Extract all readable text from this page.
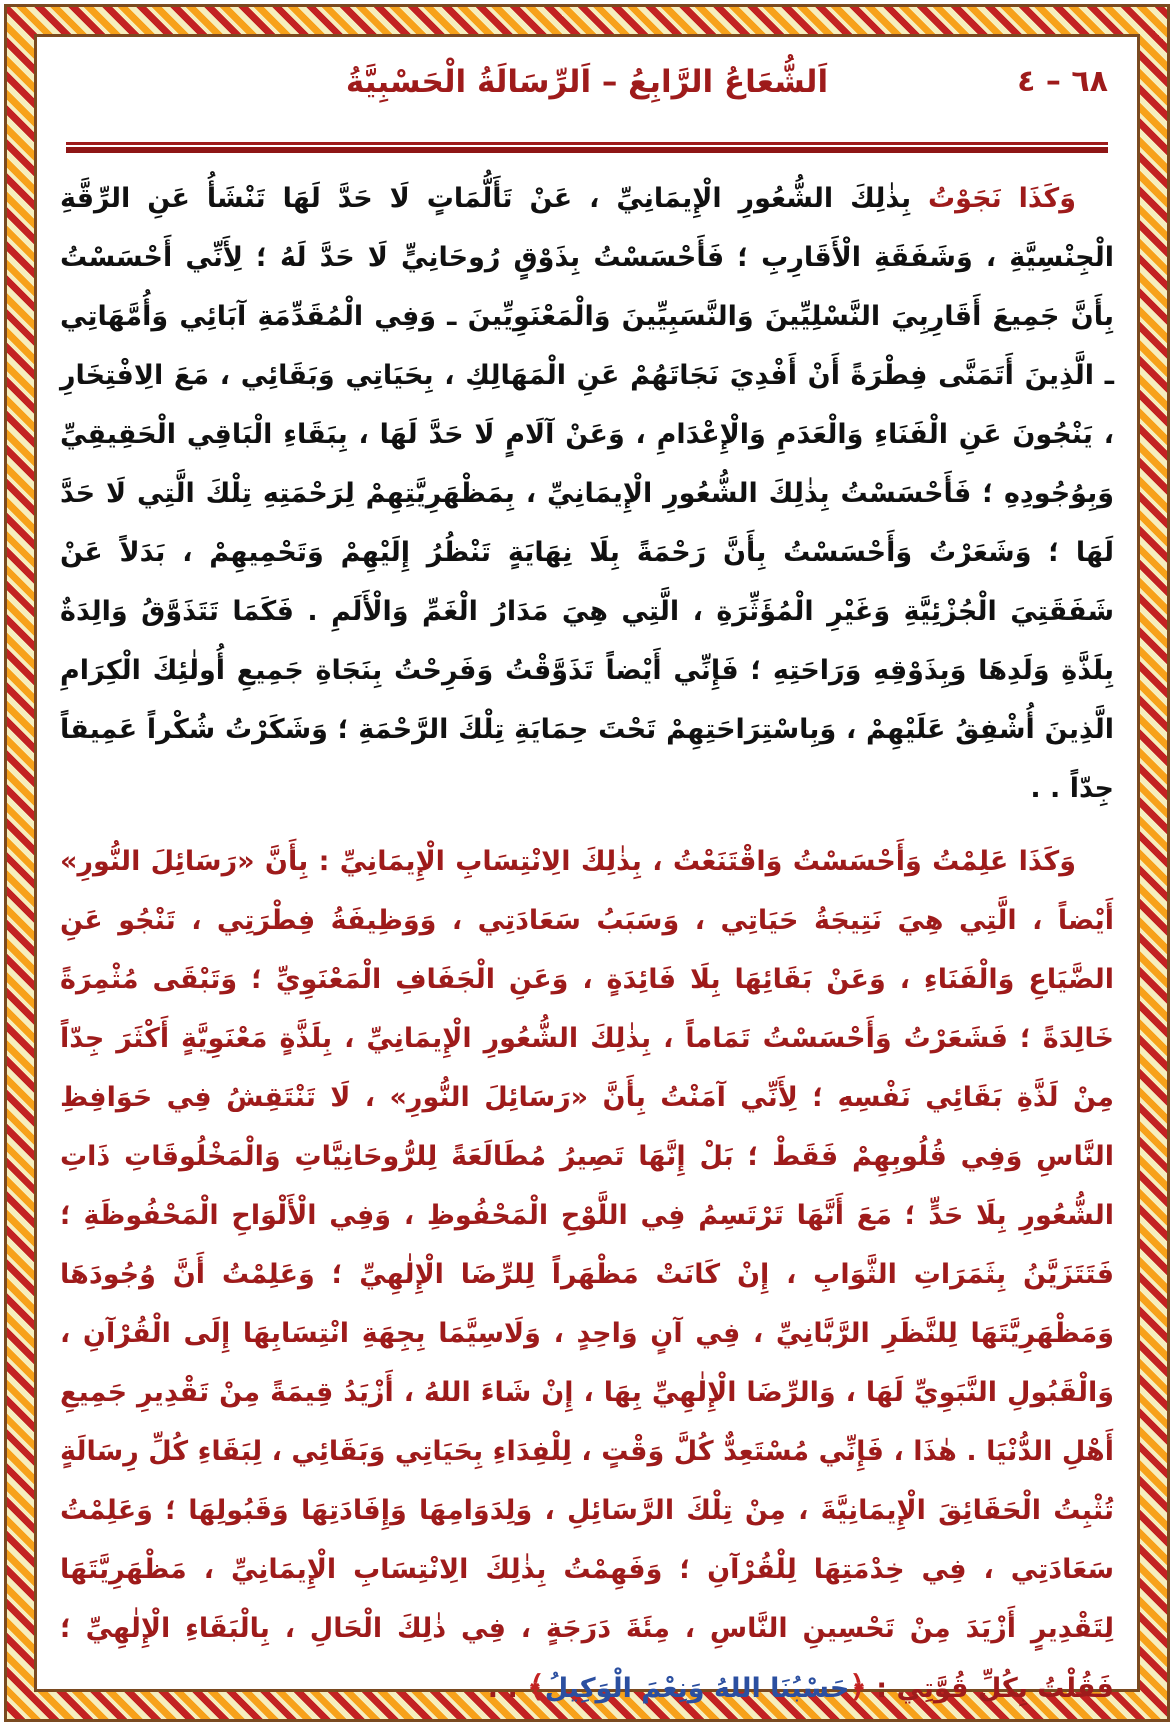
اَلشُّعَاعُ الرَّابِعُ – اَلرِّسَالَةُ الْحَسْبِيَّةُ	٦٨ – ٤

وَكَذَا نَجَوْتُ بِذٰلِكَ الشُّعُورِ الْإِيمَانِيِّ ، عَنْ تَأَلُّمَاتٍ لَا حَدَّ لَهَا تَنْشَأُ عَنِ الرِّقَّةِ الْجِنْسِيَّةِ ، وَشَفَقَةِ الْأَقَارِبِ ؛ فَأَحْسَسْتُ بِذَوْقٍ رُوحَانِيٍّ لَا حَدَّ لَهُ ؛ لِأَنِّي أَحْسَسْتُ بِأَنَّ جَمِيعَ أَقَارِبِيَ النَّسْلِيِّينَ وَالنَّسَبِيِّينَ وَالْمَعْنَوِيِّينَ ـ وَفِي الْمُقَدِّمَةِ آبَائِي وَأُمَّهَاتِي ـ الَّذِينَ أَتَمَنَّى فِطْرَةً أَنْ أَفْدِيَ نَجَاتَهُمْ عَنِ الْمَهَالِكِ ، بِحَيَاتِي وَبَقَائِي ، مَعَ الِافْتِخَارِ ، يَنْجُونَ عَنِ الْفَنَاءِ وَالْعَدَمِ وَالْإِعْدَامِ ، وَعَنْ آلَامٍ لَا حَدَّ لَهَا ، بِبَقَاءِ الْبَاقِي الْحَقِيقِيِّ وَبِوُجُودِهِ ؛ فَأَحْسَسْتُ بِذٰلِكَ الشُّعُورِ الْإِيمَانِيِّ ، بِمَظْهَرِيَّتِهِمْ لِرَحْمَتِهِ تِلْكَ الَّتِي لَا حَدَّ لَهَا ؛ وَشَعَرْتُ وَأَحْسَسْتُ بِأَنَّ رَحْمَةً بِلَا نِهَايَةٍ تَنْظُرُ إِلَيْهِمْ وَتَحْمِيهِمْ ، بَدَلاً عَنْ شَفَقَتِيَ الْجُزْئِيَّةِ وَغَيْرِ الْمُؤَثِّرَةِ ، الَّتِي هِيَ مَدَارُ الْغَمِّ وَالْأَلَمِ . فَكَمَا تَتَذَوَّقُ وَالِدَةٌ بِلَذَّةِ وَلَدِهَا وَبِذَوْقِهِ وَرَاحَتِهِ ؛ فَإِنِّي أَيْضاً تَذَوَّقْتُ وَفَرِحْتُ بِنَجَاةِ جَمِيعِ أُولٰئِكَ الْكِرَامِ الَّذِينَ أُشْفِقُ عَلَيْهِمْ ، وَبِاسْتِرَاحَتِهِمْ تَحْتَ حِمَايَةِ تِلْكَ الرَّحْمَةِ ؛ وَشَكَرْتُ شُكْراً عَمِيقاً جِدّاً . .

وَكَذَا عَلِمْتُ وَأَحْسَسْتُ وَاقْتَنَعْتُ ، بِذٰلِكَ الِانْتِسَابِ الْإِيمَانِيِّ : بِأَنَّ «رَسَائِلَ النُّورِ» أَيْضاً ، الَّتِي هِيَ نَتِيجَةُ حَيَاتِي ، وَسَبَبُ سَعَادَتِي ، وَوَظِيفَةُ فِطْرَتِي ، تَنْجُو عَنِ الضَّيَاعِ وَالْفَنَاءِ ، وَعَنْ بَقَائِهَا بِلَا فَائِدَةٍ ، وَعَنِ الْجَفَافِ الْمَعْنَوِيِّ ؛ وَتَبْقَى مُثْمِرَةً خَالِدَةً ؛ فَشَعَرْتُ وَأَحْسَسْتُ تَمَاماً ، بِذٰلِكَ الشُّعُورِ الْإِيمَانِيِّ ، بِلَذَّةٍ مَعْنَوِيَّةٍ أَكْثَرَ جِدّاً مِنْ لَذَّةِ بَقَائِي نَفْسِهِ ؛ لِأَنِّي آمَنْتُ بِأَنَّ «رَسَائِلَ النُّورِ» ، لَا تَنْتَقِشُ فِي حَوَافِظِ النَّاسِ وَفِي قُلُوبِهِمْ فَقَطْ ؛ بَلْ إِنَّهَا تَصِيرُ مُطَالَعَةً لِلرُّوحَانِيَّاتِ وَالْمَخْلُوقَاتِ ذَاتِ الشُّعُورِ بِلَا حَدٍّ ؛ مَعَ أَنَّهَا تَرْتَسِمُ فِي اللَّوْحِ الْمَحْفُوظِ ، وَفِي الْأَلْوَاحِ الْمَحْفُوظَةِ ؛ فَتَتَزَيَّنُ بِثَمَرَاتِ الثَّوَابِ ، إِنْ كَانَتْ مَظْهَراً لِلرِّضَا الْإِلٰهِيِّ ؛ وَعَلِمْتُ أَنَّ وُجُودَهَا وَمَظْهَرِيَّتَهَا لِلنَّظَرِ الرَّبَّانِيِّ ، فِي آنٍ وَاحِدٍ ، وَلَاسِيَّمَا بِجِهَةِ انْتِسَابِهَا إِلَى الْقُرْآنِ ، وَالْقَبُولِ النَّبَوِيِّ لَهَا ، وَالرِّضَا الْإِلٰهِيِّ بِهَا ، إِنْ شَاءَ اللهُ ، أَزْيَدُ قِيمَةً مِنْ تَقْدِيرِ جَمِيعِ أَهْلِ الدُّنْيَا . هٰذَا ، فَإِنِّي مُسْتَعِدٌّ كُلَّ وَقْتٍ ، لِلْفِدَاءِ بِحَيَاتِي وَبَقَائِي ، لِبَقَاءِ كُلِّ رِسَالَةٍ تُثْبِتُ الْحَقَائِقَ الْإِيمَانِيَّةَ ، مِنْ تِلْكَ الرَّسَائِلِ ، وَلِدَوَامِهَا وَإِفَادَتِهَا وَقَبُولِهَا ؛ وَعَلِمْتُ سَعَادَتِي ، فِي خِدْمَتِهَا لِلْقُرْآنِ ؛ وَفَهِمْتُ بِذٰلِكَ الِانْتِسَابِ الْإِيمَانِيِّ ، مَظْهَرِيَّتَهَا لِتَقْدِيرٍ أَزْيَدَ مِنْ تَحْسِينِ النَّاسِ ، مِئَةَ دَرَجَةٍ ، فِي ذٰلِكَ الْحَالِ ، بِالْبَقَاءِ الْإِلٰهِيِّ ؛ فَقُلْتُ بِكُلِّ قُوَّتِي : ﴿حَسْبُنَا اللهُ وَنِعْمَ الْوَكِيلُ﴾ . .
